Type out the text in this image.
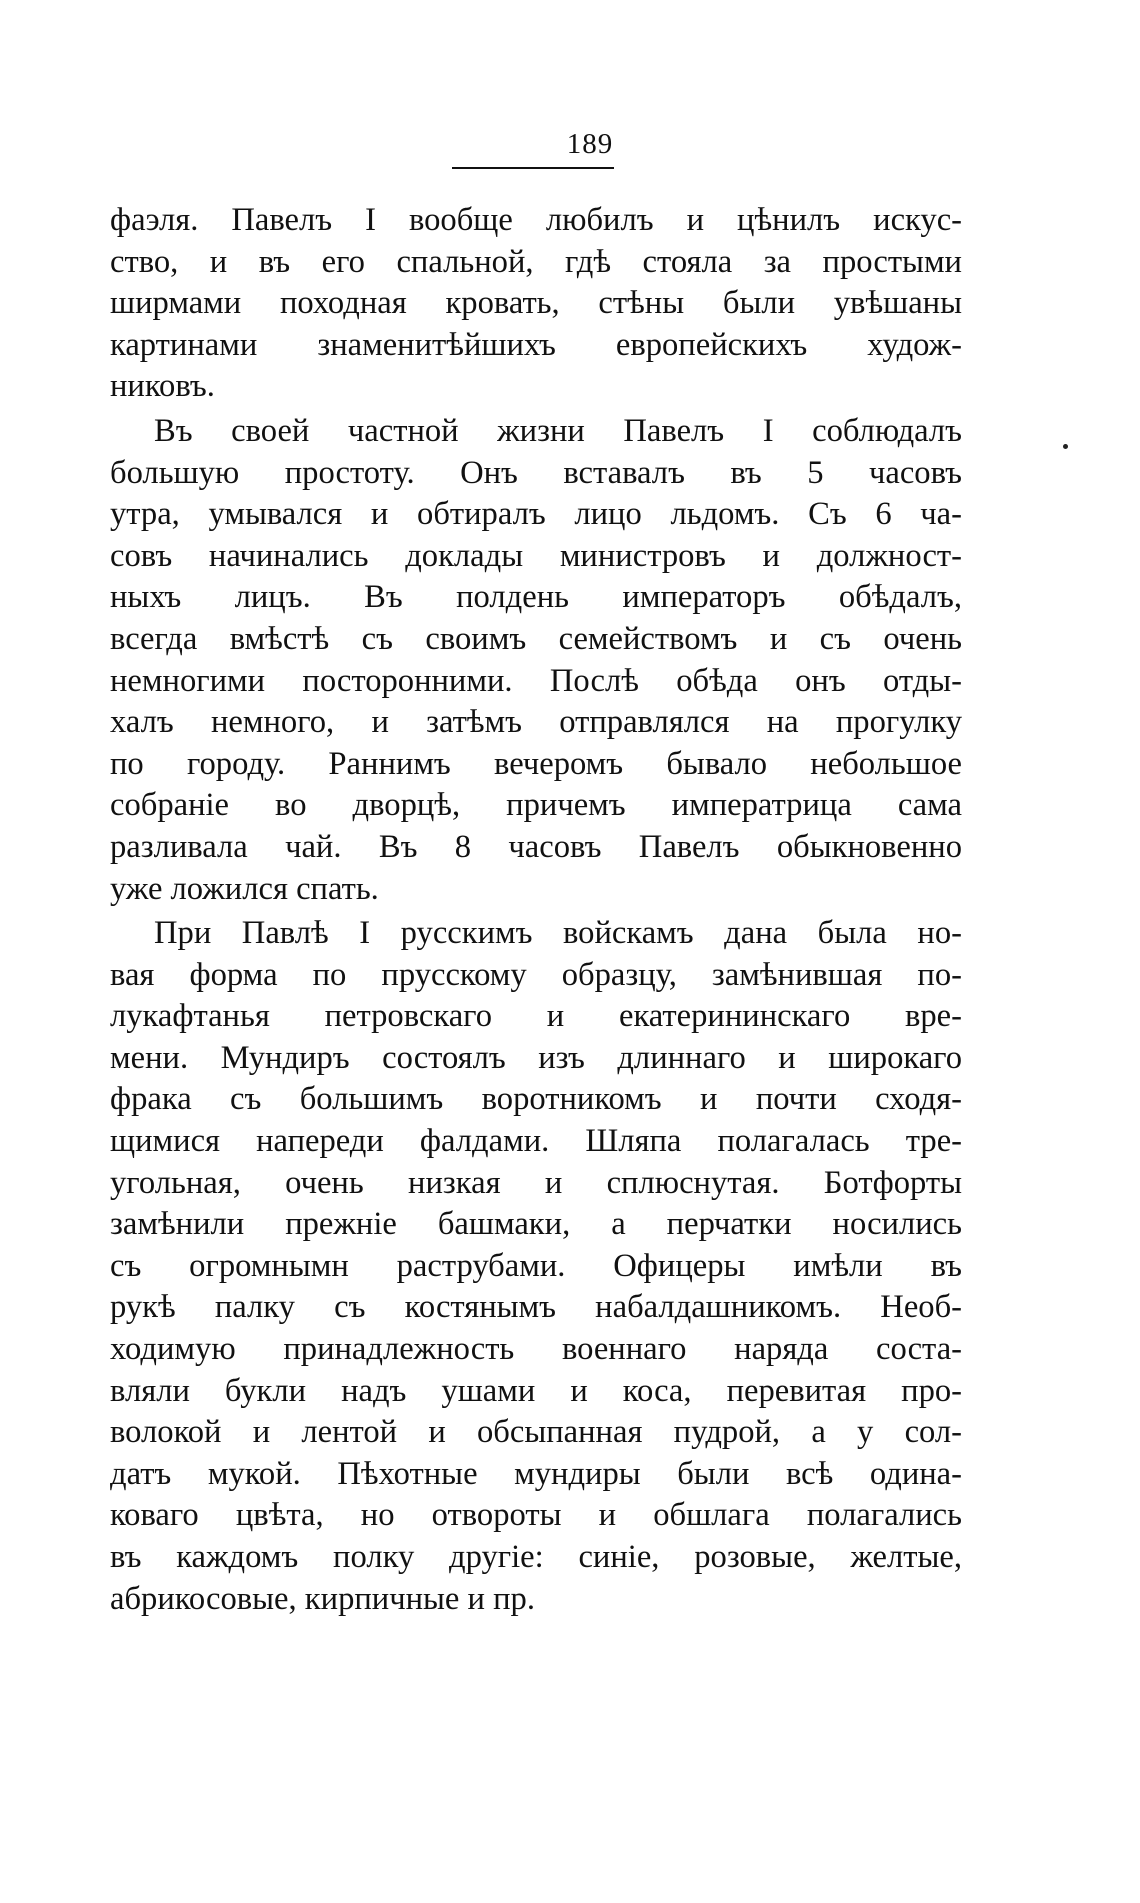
189
фаэля. Павелъ I вообще любилъ и цѣнилъ искус-
ство, и въ его спальной, гдѣ стояла за простыми
ширмами походная кровать, стѣны были увѣшаны
картинами знаменитѣйшихъ европейскихъ худож-
никовъ.
Въ своей частной жизни Павелъ I соблюдалъ
большую простоту. Онъ вставалъ въ 5 часовъ
утра, умывался и обтиралъ лицо льдомъ. Съ 6 ча-
совъ начинались доклады министровъ и должност-
ныхъ лицъ. Въ полдень императоръ обѣдалъ,
всегда вмѣстѣ съ своимъ семействомъ и съ очень
немногими посторонними. Послѣ обѣда онъ отды-
халъ немного, и затѣмъ отправлялся на прогулку
по городу. Раннимъ вечеромъ бывало небольшое
собраніе во дворцѣ, причемъ императрица сама
разливала чай. Въ 8 часовъ Павелъ обыкновенно
уже ложился спать.
При Павлѣ I русскимъ войскамъ дана была но-
вая форма по прусскому образцу, замѣнившая по-
лукафтанья петровскаго и екатерининскаго вре-
мени. Мундиръ состоялъ изъ длиннаго и широкаго
фрака съ большимъ воротникомъ и почти сходя-
щимися напереди фалдами. Шляпа полагалась тре-
угольная, очень низкая и сплюснутая. Ботфорты
замѣнили прежніе башмаки, а перчатки носились
съ огромнымн раструбами. Офицеры имѣли въ
рукѣ палку съ костянымъ набалдашникомъ. Необ-
ходимую принадлежность военнаго наряда соста-
вляли букли надъ ушами и коса, перевитая про-
волокой и лентой и обсыпанная пудрой, а у сол-
датъ мукой. Пѣхотные мундиры были всѣ одина-
коваго цвѣта, но отвороты и обшлага полагались
въ каждомъ полку другіе: синіе, розовые, желтые,
абрикосовые, кирпичные и пр.
